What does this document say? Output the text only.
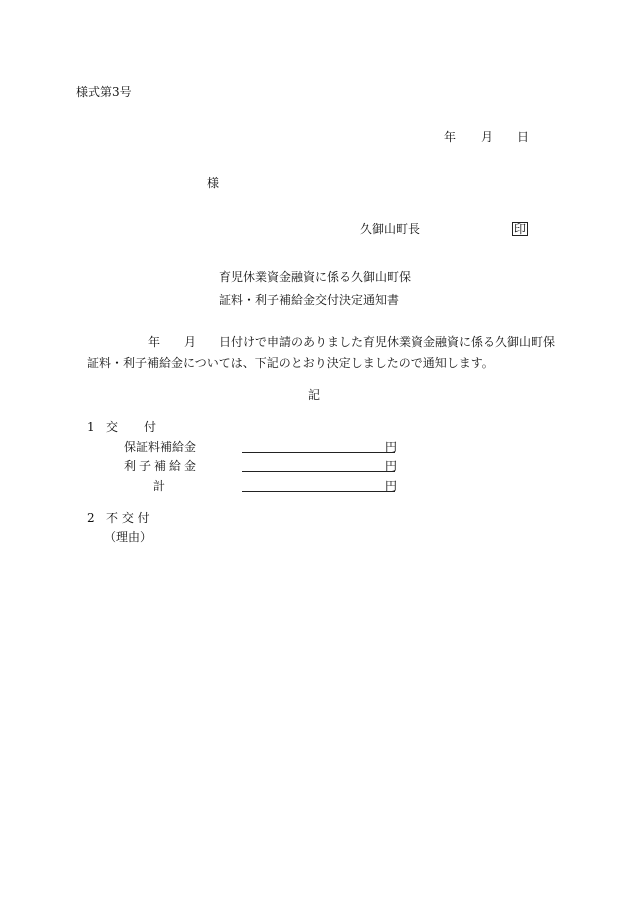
様式第3号
年 月 日
様
久御山町長	印
育児休業資金融資に係る久御山町保
証料・利子補給金交付決定通知書
年 月 日付けで申請のありました育児休業資金融資に係る久御山町保
証料・利子補給金については、下記のとおり決定しましたので通知します。
記
1 交 付
保証料補給金	円
利子補給金	円
計	円
2 不 交 付
（理由）
